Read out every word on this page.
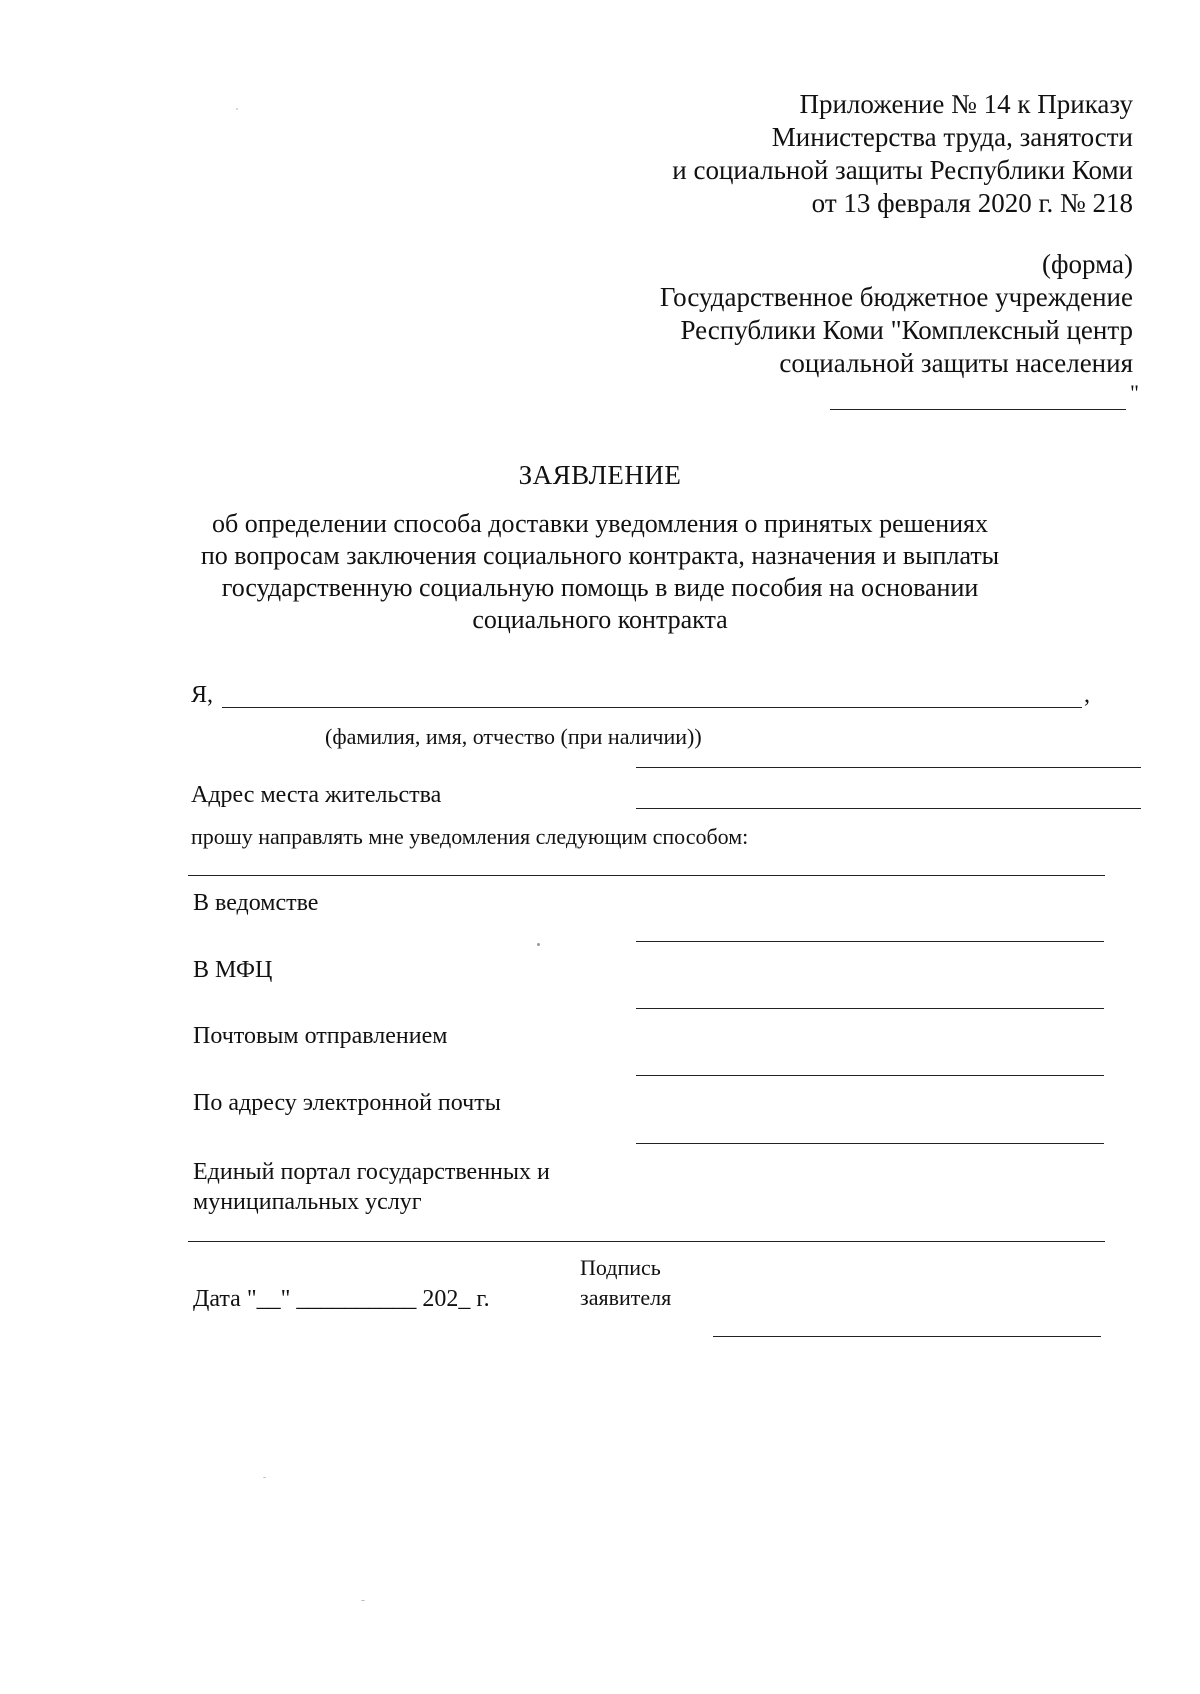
Приложение № 14 к Приказу
Министерства труда, занятости
и социальной защиты Республики Коми
от 13 февраля 2020 г. № 218
(форма)
Государственное бюджетное учреждение
Республики Коми "Комплексный центр
социальной защиты населения
"
ЗАЯВЛЕНИЕ
об определении способа доставки уведомления о принятых решениях
по вопросам заключения социального контракта, назначения и выплаты
государственную социальную помощь в виде пособия на основании
социального контракта
Я,	,
(фамилия, имя, отчество (при наличии))
Адрес места жительства
прошу направлять мне уведомления следующим способом:
В ведомстве
В МФЦ
Почтовым отправлением
По адресу электронной почты
Единый портал государственных и
муниципальных услуг
Дата "__" __________ 202_ г.
Подпись
заявителя
